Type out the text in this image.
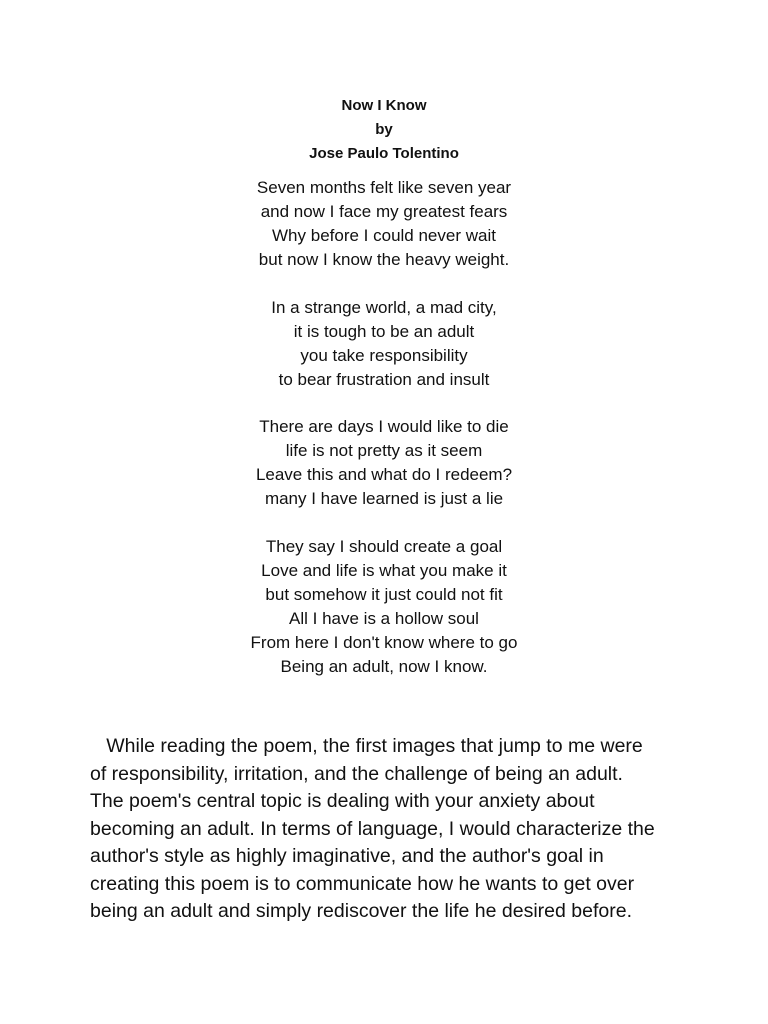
Now I Know
by
Jose Paulo Tolentino
Seven months felt like seven year
and now I face my greatest fears
Why before I could never wait
but now I know the heavy weight.
In a strange world, a mad city,
it is tough to be an adult
you take responsibility
to bear frustration and insult
There are days I would like to die
life is not pretty as it seem
Leave this and what do I redeem?
many I have learned is just a lie
They say I should create a goal
Love and life is what you make it
but somehow it just could not fit
All I have is a hollow soul
From here I don't know where to go
Being an adult, now I know.
While reading the poem, the first images that jump to me were
of responsibility, irritation, and the challenge of being an adult.
The poem's central topic is dealing with your anxiety about
becoming an adult. In terms of language, I would characterize the
author's style as highly imaginative, and the author's goal in
creating this poem is to communicate how he wants to get over
being an adult and simply rediscover the life he desired before.
